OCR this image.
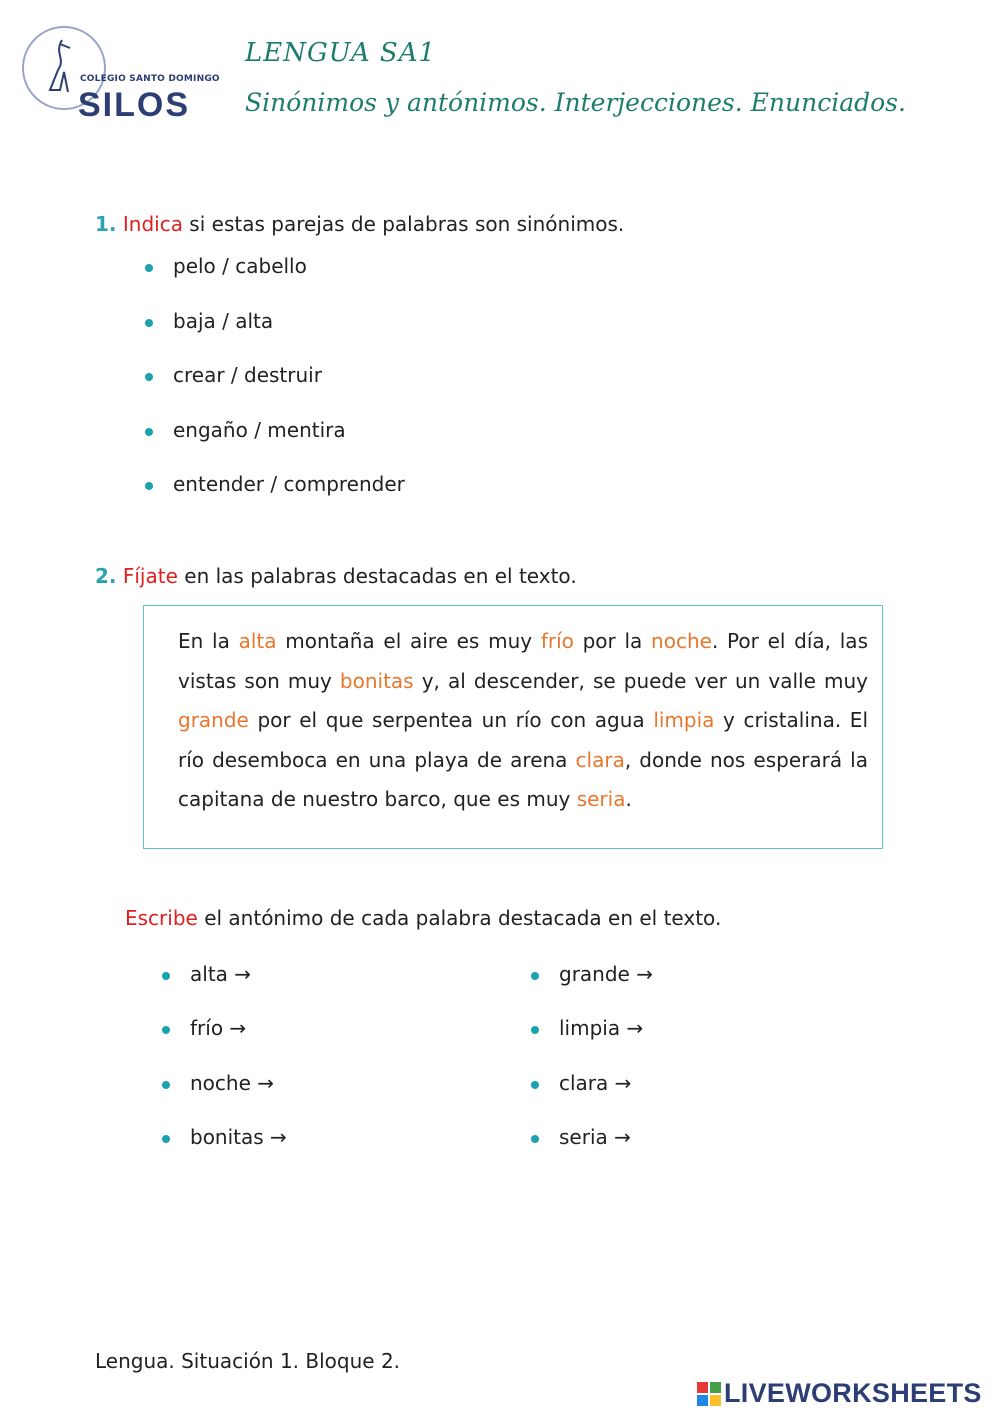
COLEGIO SANTO DOMINGO
SILOS
LENGUA SA1
Sinónimos y antónimos. Interjecciones. Enunciados.
1. Indica si estas parejas de palabras son sinónimos.
pelo / cabello
baja / alta
crear / destruir
engaño / mentira
entender / comprender
2. Fíjate en las palabras destacadas en el texto.

En la alta montaña el aire es muy frío por la noche. Por el día, las vistas son muy bonitas y, al descender, se puede ver un valle muy grande por el que serpentea un río con agua limpia y cristalina. El río desemboca en una playa de arena clara, donde nos esperará la capitana de nuestro barco, que es muy seria.

Escribe el antónimo de cada palabra destacada en el texto.
alta →
frío →
noche →
bonitas →
grande →
limpia →
clara →
seria →
Lengua. Situación 1. Bloque 2.
LIVEWORKSHEETS
